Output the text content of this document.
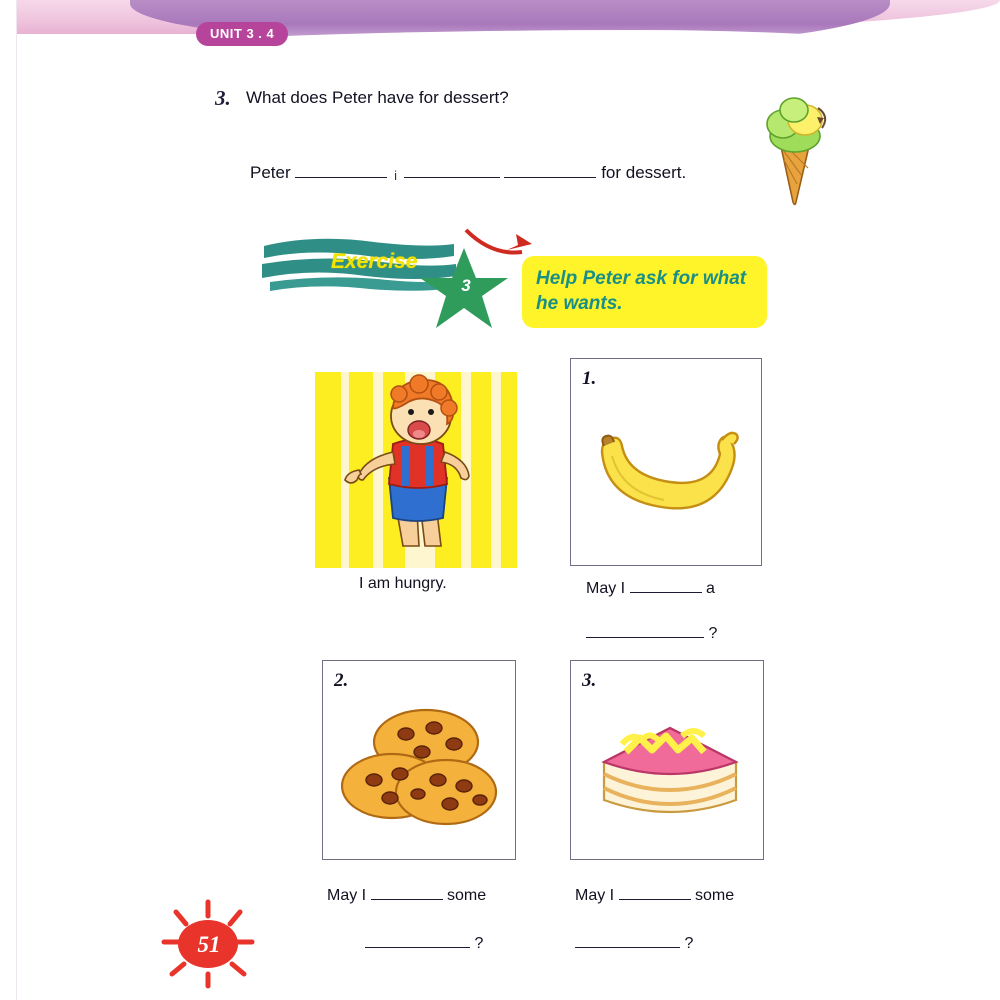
UNIT 3 . 4
3. What does Peter have for dessert?
Peter	i	for dessert.
Exercise
3	Help Peter ask for what he wants.
I am hungry.
1.
May I	a
?
2.
May I	some
?
3.
May I	some
?
51
